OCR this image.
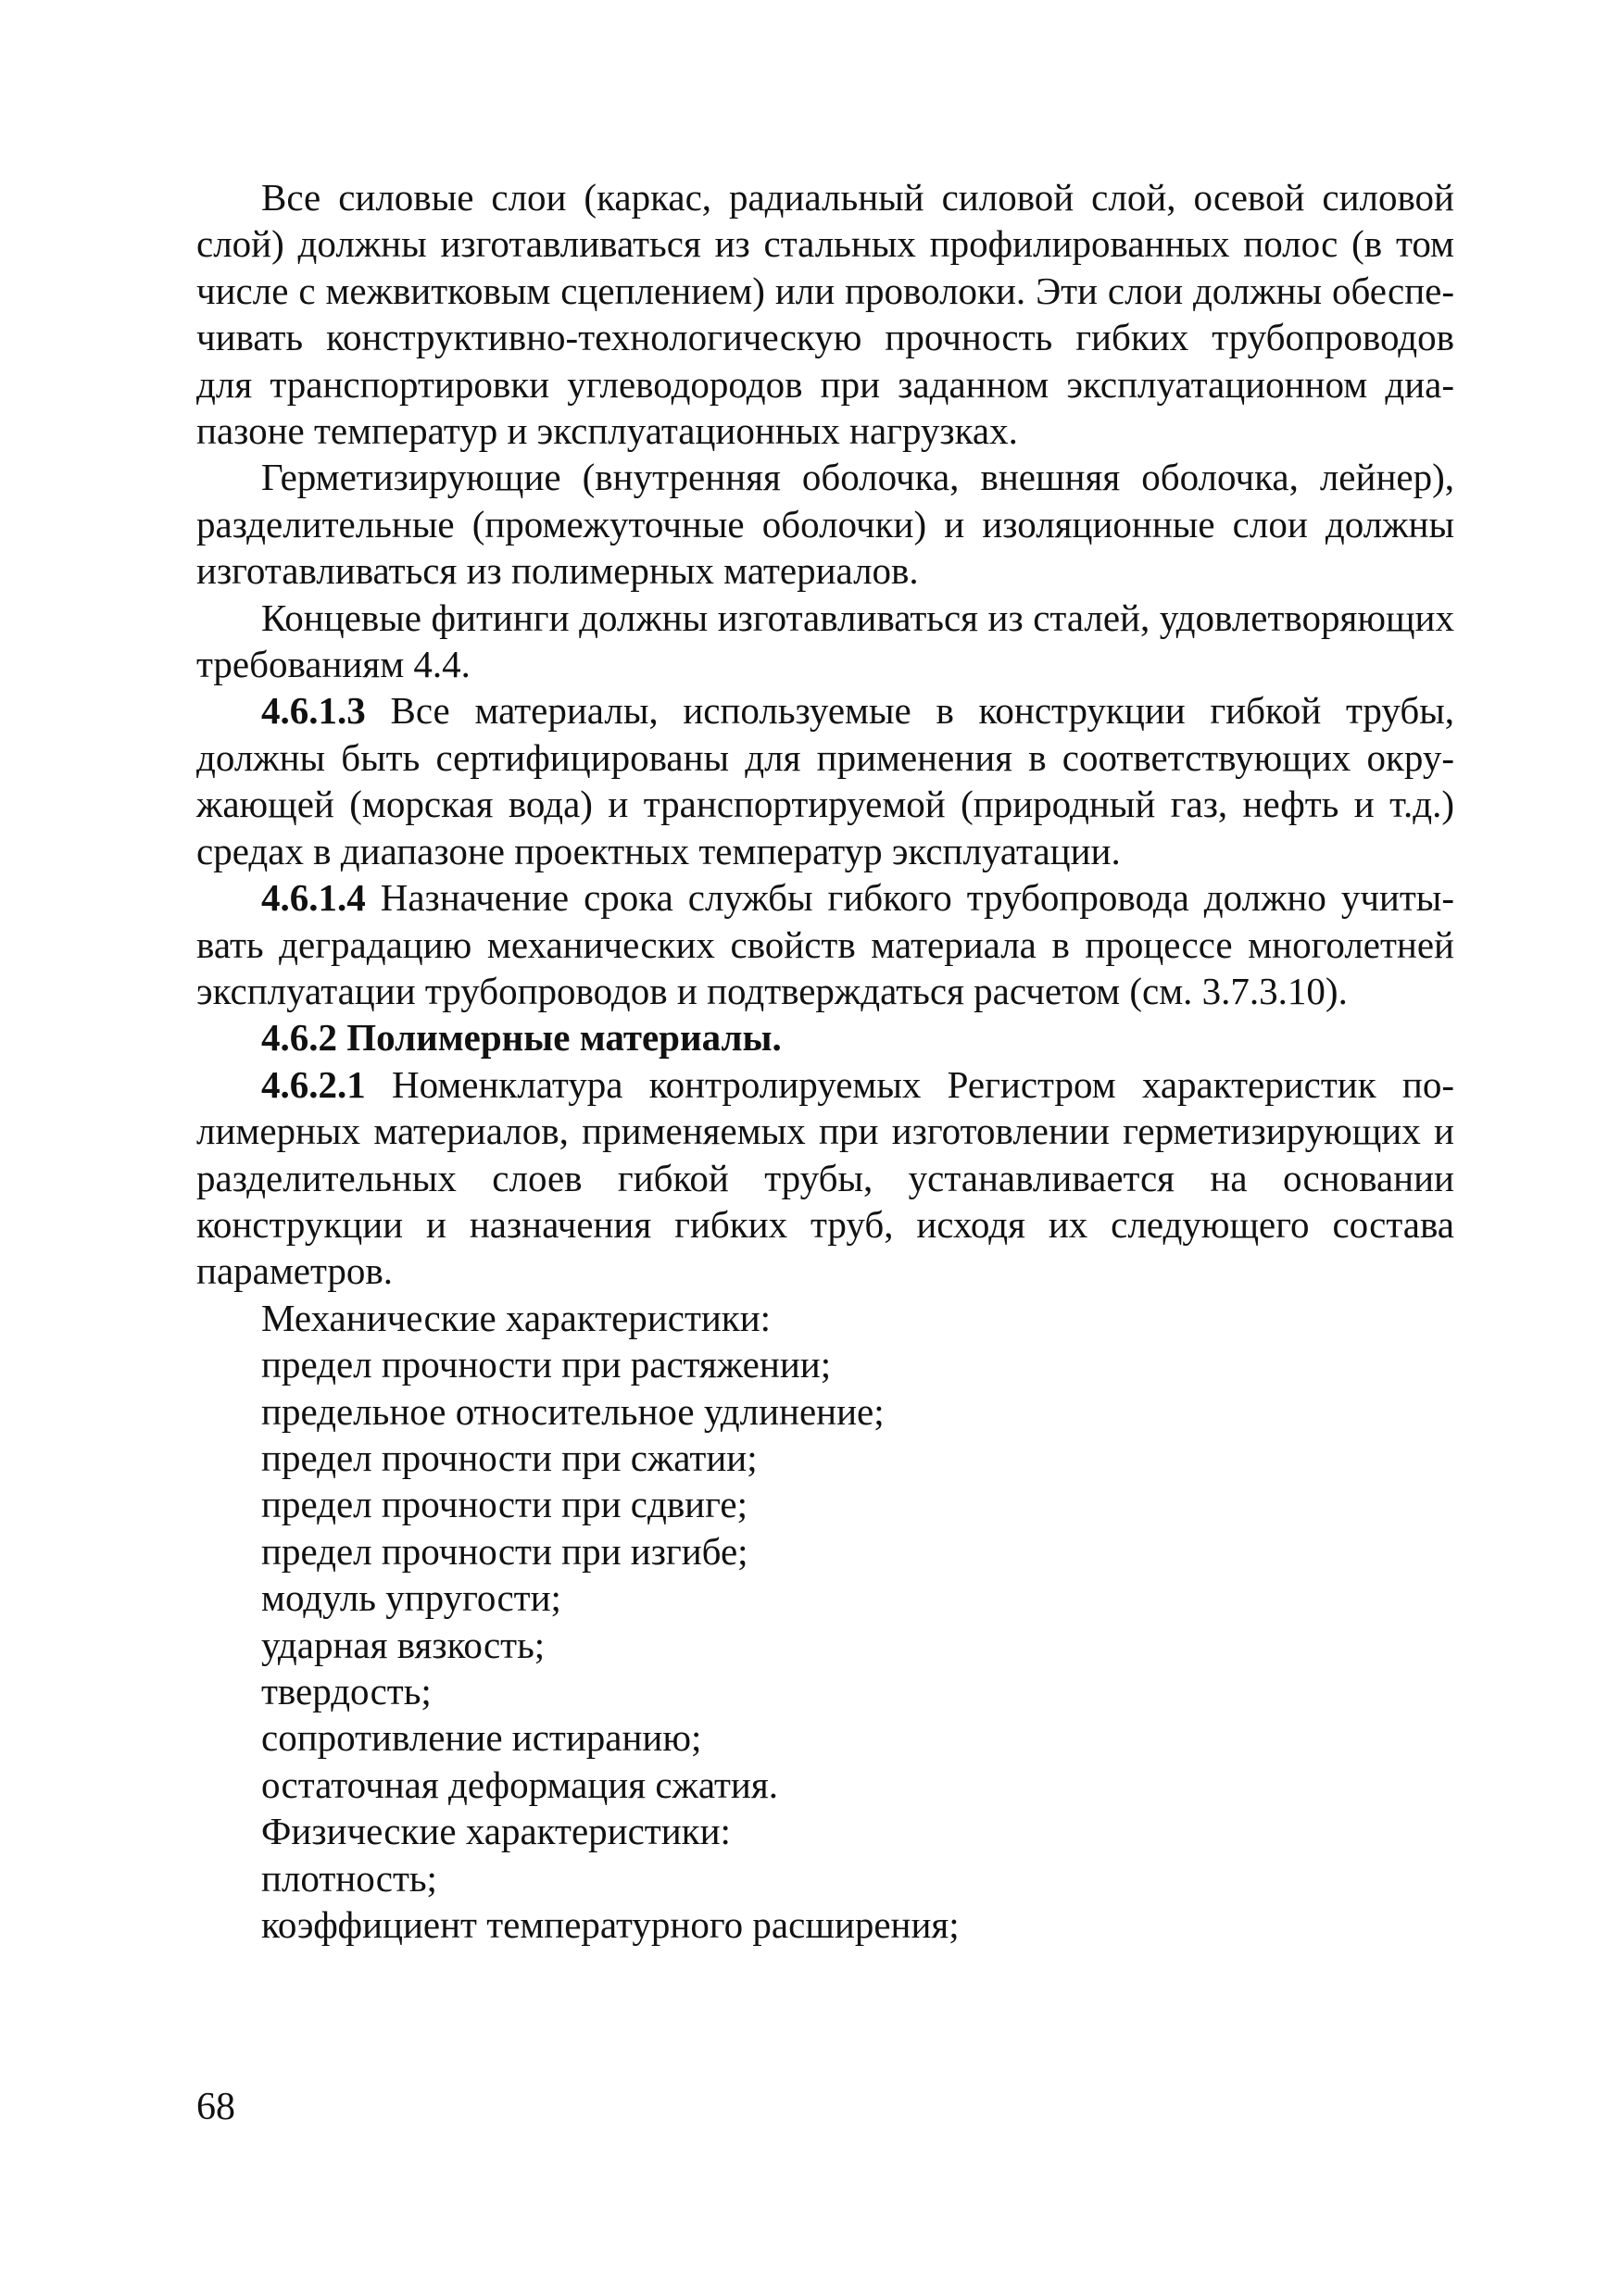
Все силовые слои (каркас, радиальный силовой слой, осевой силовой слой) должны изготавливаться из стальных профилированных полос (в том числе с межвитковым сцеплением) или проволоки. Эти слои должны обеспечивать конструктивно-технологическую прочность гибких трубопроводов для транспортировки углеводородов при заданном эксплуатационном диапазоне температур и эксплуатационных нагрузках.

Герметизирующие (внутренняя оболочка, внешняя оболочка, лейнер), разделительные (промежуточные оболочки) и изоляционные слои должны изготавливаться из полимерных материалов.

Концевые фитинги должны изготавливаться из сталей, удовлетворяющих требованиям 4.4.

4.6.1.3 Все материалы, используемые в конструкции гибкой трубы, должны быть сертифицированы для применения в соответствующих окружающей (морская вода) и транспортируемой (природный газ, нефть и т.д.) средах в диапазоне проектных температур эксплуатации.

4.6.1.4 Назначение срока службы гибкого трубопровода должно учитывать деградацию механических свойств материала в процессе многолетней эксплуатации трубопроводов и подтверждаться расчетом (см. 3.7.3.10).

4.6.2 Полимерные материалы.

4.6.2.1 Номенклатура контролируемых Регистром характеристик полимерных материалов, применяемых при изготовлении герметизирующих и разделительных слоев гибкой трубы, устанавливается на основании конструкции и назначения гибких труб, исходя их следующего состава параметров.

Механические характеристики:
предел прочности при растяжении;
предельное относительное удлинение;
предел прочности при сжатии;
предел прочности при сдвиге;
предел прочности при изгибе;
модуль упругости;
ударная вязкость;
твердость;
сопротивление истиранию;
остаточная деформация сжатия.
Физические характеристики:
плотность;
коэффициент температурного расширения;
68
